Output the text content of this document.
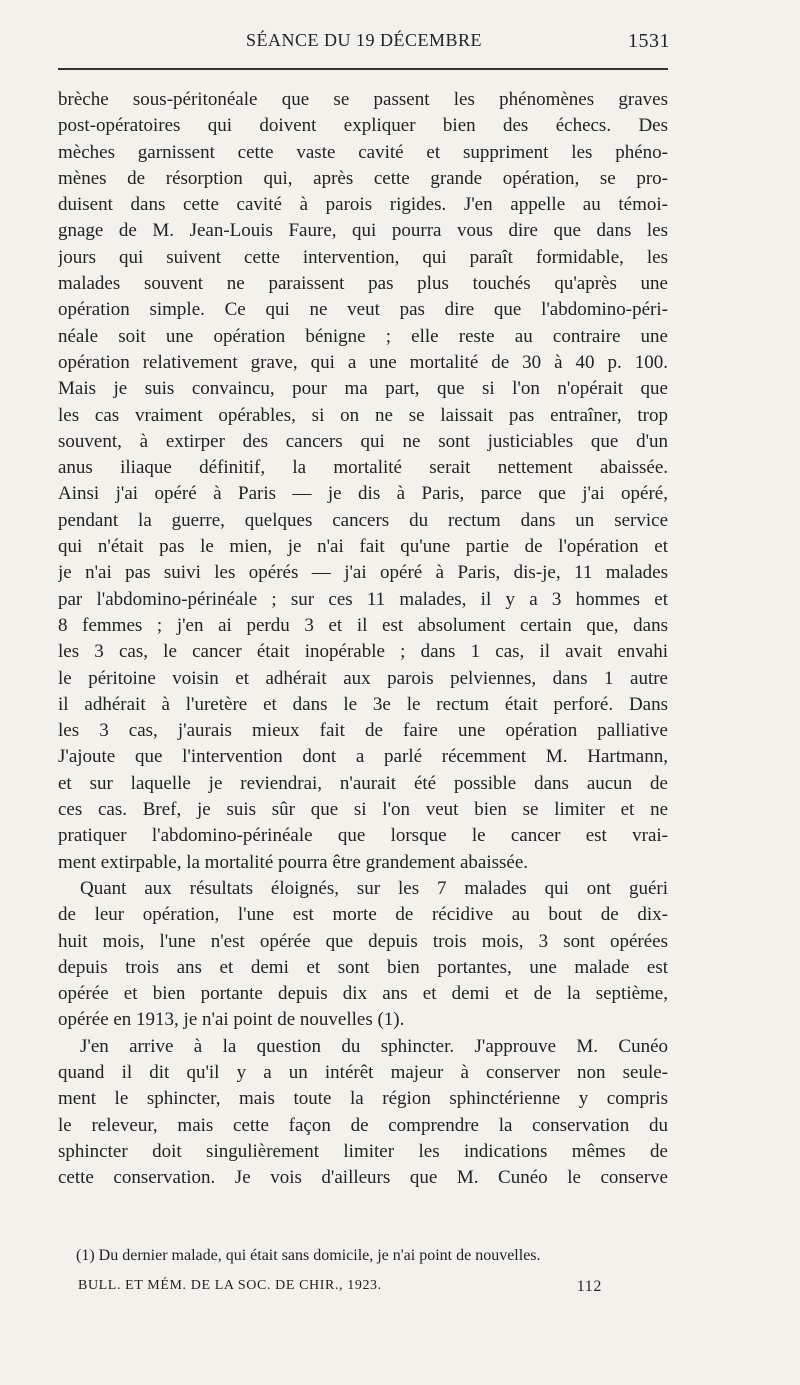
SÉANCE DU 19 DÉCEMBRE	1531
brèche sous-péritonéale que se passent les phénomènes graves
post-opératoires qui doivent expliquer bien des échecs. Des
mèches garnissent cette vaste cavité et suppriment les phéno-
mènes de résorption qui, après cette grande opération, se pro-
duisent dans cette cavité à parois rigides. J'en appelle au témoi-
gnage de M. Jean-Louis Faure, qui pourra vous dire que dans les
jours qui suivent cette intervention, qui paraît formidable, les
malades souvent ne paraissent pas plus touchés qu'après une
opération simple. Ce qui ne veut pas dire que l'abdomino-péri-
néale soit une opération bénigne ; elle reste au contraire une
opération relativement grave, qui a une mortalité de 30 à 40 p. 100.
Mais je suis convaincu, pour ma part, que si l'on n'opérait que
les cas vraiment opérables, si on ne se laissait pas entraîner, trop
souvent, à extirper des cancers qui ne sont justiciables que d'un
anus iliaque définitif, la mortalité serait nettement abaissée.
Ainsi j'ai opéré à Paris — je dis à Paris, parce que j'ai opéré,
pendant la guerre, quelques cancers du rectum dans un service
qui n'était pas le mien, je n'ai fait qu'une partie de l'opération et
je n'ai pas suivi les opérés — j'ai opéré à Paris, dis-je, 11 malades
par l'abdomino-périnéale ; sur ces 11 malades, il y a 3 hommes et
8 femmes ; j'en ai perdu 3 et il est absolument certain que, dans
les 3 cas, le cancer était inopérable ; dans 1 cas, il avait envahi
le péritoine voisin et adhérait aux parois pelviennes, dans 1 autre
il adhérait à l'uretère et dans le 3e le rectum était perforé. Dans
les 3 cas, j'aurais mieux fait de faire une opération palliative
J'ajoute que l'intervention dont a parlé récemment M. Hartmann,
et sur laquelle je reviendrai, n'aurait été possible dans aucun de
ces cas. Bref, je suis sûr que si l'on veut bien se limiter et ne
pratiquer l'abdomino-périnéale que lorsque le cancer est vrai-
ment extirpable, la mortalité pourra être grandement abaissée.
Quant aux résultats éloignés, sur les 7 malades qui ont guéri
de leur opération, l'une est morte de récidive au bout de dix-
huit mois, l'une n'est opérée que depuis trois mois, 3 sont opérées
depuis trois ans et demi et sont bien portantes, une malade est
opérée et bien portante depuis dix ans et demi et de la septième,
opérée en 1913, je n'ai point de nouvelles (1).
J'en arrive à la question du sphincter. J'approuve M. Cunéo
quand il dit qu'il y a un intérêt majeur à conserver non seule-
ment le sphincter, mais toute la région sphinctérienne y compris
le releveur, mais cette façon de comprendre la conservation du
sphincter doit singulièrement limiter les indications mêmes de
cette conservation. Je vois d'ailleurs que M. Cunéo le conserve
(1) Du dernier malade, qui était sans domicile, je n'ai point de nouvelles.
BULL. ET MÉM. DE LA SOC. DE CHIR., 1923.	112
